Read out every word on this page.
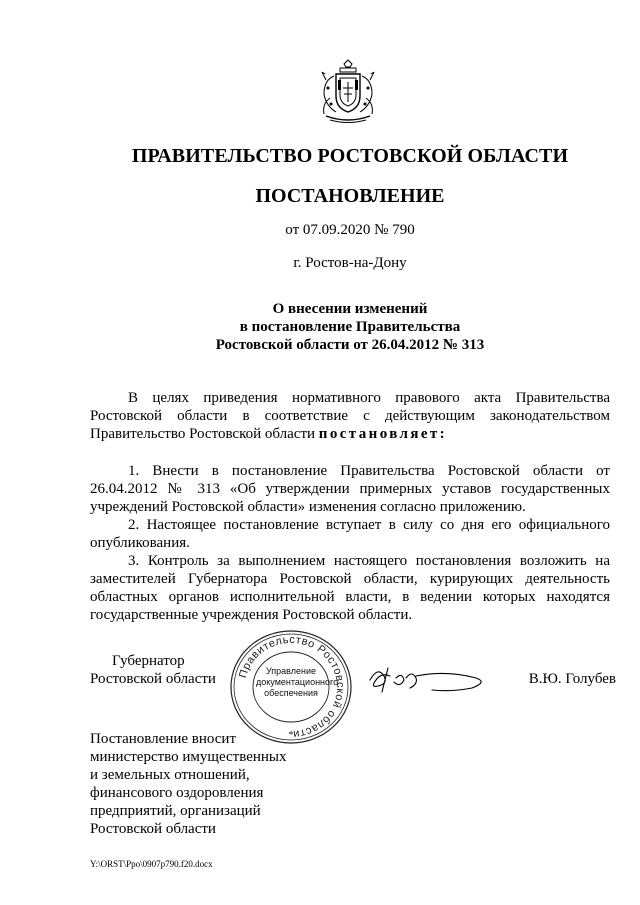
ПРАВИТЕЛЬСТВО РОСТОВСКОЙ ОБЛАСТИ
ПОСТАНОВЛЕНИЕ
от 07.09.2020 № 790
г. Ростов-на-Дону
О внесении изменений
в постановление Правительства
Ростовской области от 26.04.2012 № 313
В целях приведения нормативного правового акта Правительства Ростовской области в соответствие с действующим законодательством Правительство Ростовской области постановляет:
1. Внести в постановление Правительства Ростовской области от 26.04.2012 № 313 «Об утверждении примерных уставов государственных учреждений Ростовской области» изменения согласно приложению.
2. Настоящее постановление вступает в силу со дня его официального опубликования.
3. Контроль за выполнением настоящего постановления возложить на заместителей Губернатора Ростовской области, курирующих деятельность областных органов исполнительной власти, в ведении которых находятся государственные учреждения Ростовской области.
Губернатор
Ростовской области	Правительство Ростовской области
*
Управление
документационного
обеспечения
В.Ю. Голубев
Постановление вносит
министерство имущественных
и земельных отношений,
финансового оздоровления
предприятий, организаций
Ростовской области
Y:\ORST\Ppo\0907p790.f20.docx
